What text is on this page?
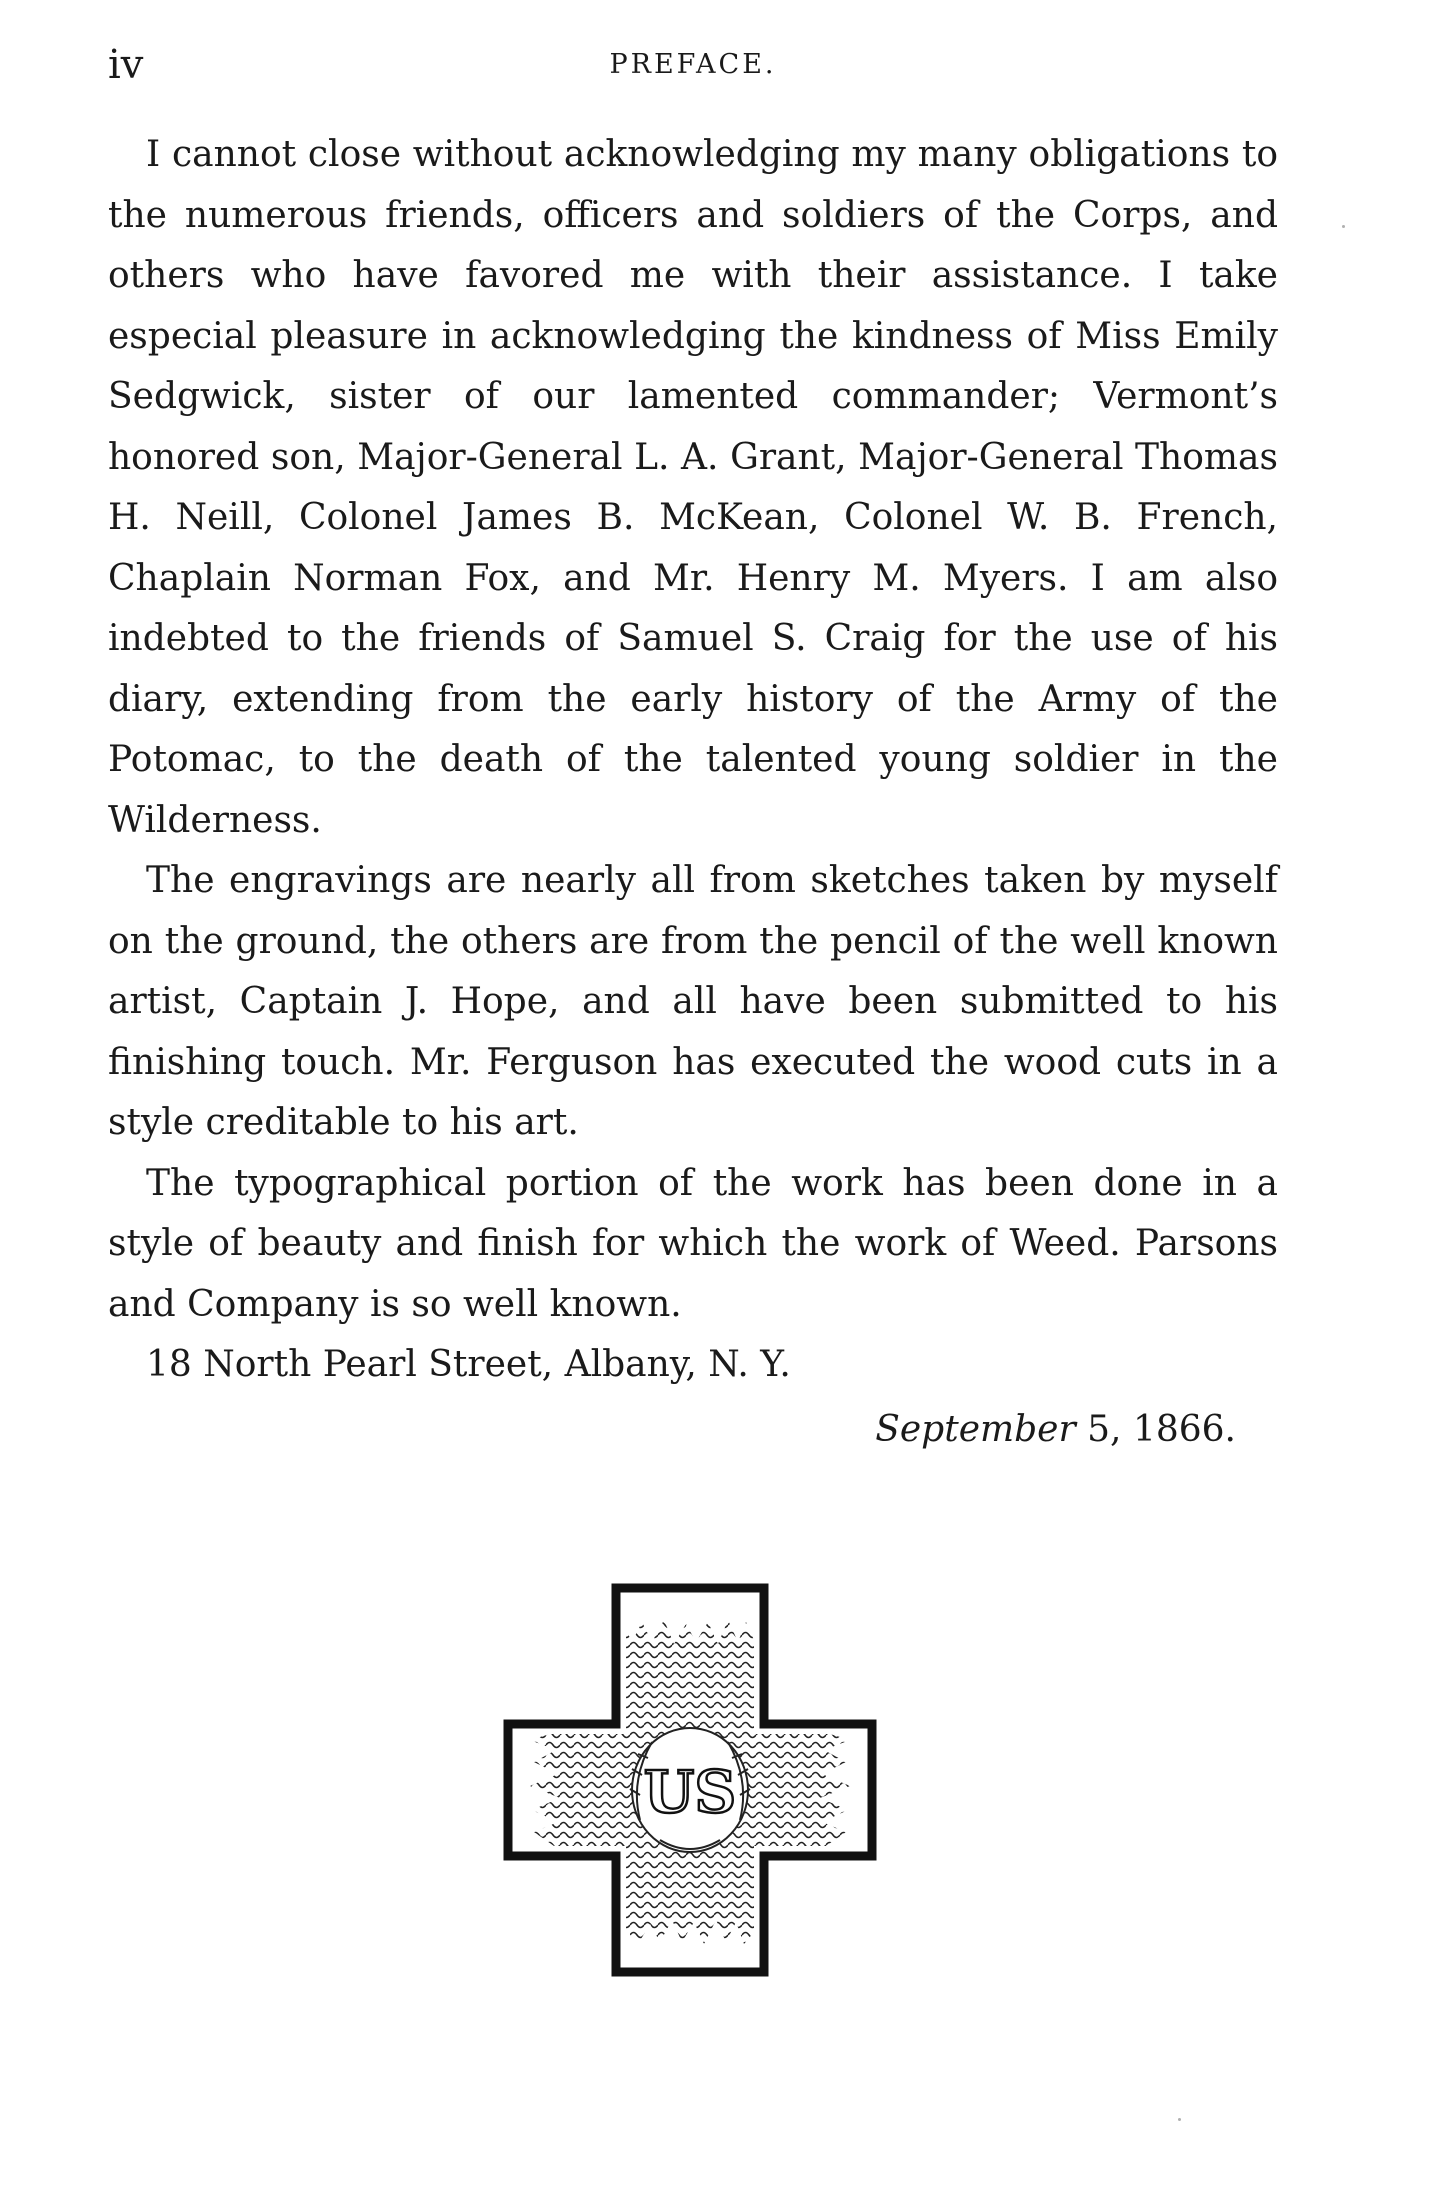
iv	PREFACE.

I cannot close without acknowledging my many obligations to the numerous friends, officers and soldiers of the Corps, and others who have favored me with their assistance. I take especial pleasure in acknowledging the kindness of Miss Emily Sedgwick, sister of our lamented commander; Vermont’s honored son, Major-General L. A. Grant, Major-General Thomas H. Neill, Colonel James B. McKean, Colonel W. B. French, Chaplain Norman Fox, and Mr. Henry M. Myers. I am also indebted to the friends of Samuel S. Craig for the use of his diary, extending from the early history of the Army of the Potomac, to the death of the talented young soldier in the Wilderness.

The engravings are nearly all from sketches taken by myself on the ground, the others are from the pencil of the well known artist, Captain J. Hope, and all have been submitted to his finishing touch. Mr. Ferguson has executed the wood cuts in a style creditable to his art.

The typographical portion of the work has been done in a style of beauty and finish for which the work of Weed. Parsons and Company is so well known.

18 North Pearl Street, Albany, N. Y.
September 5, 1866.
US
